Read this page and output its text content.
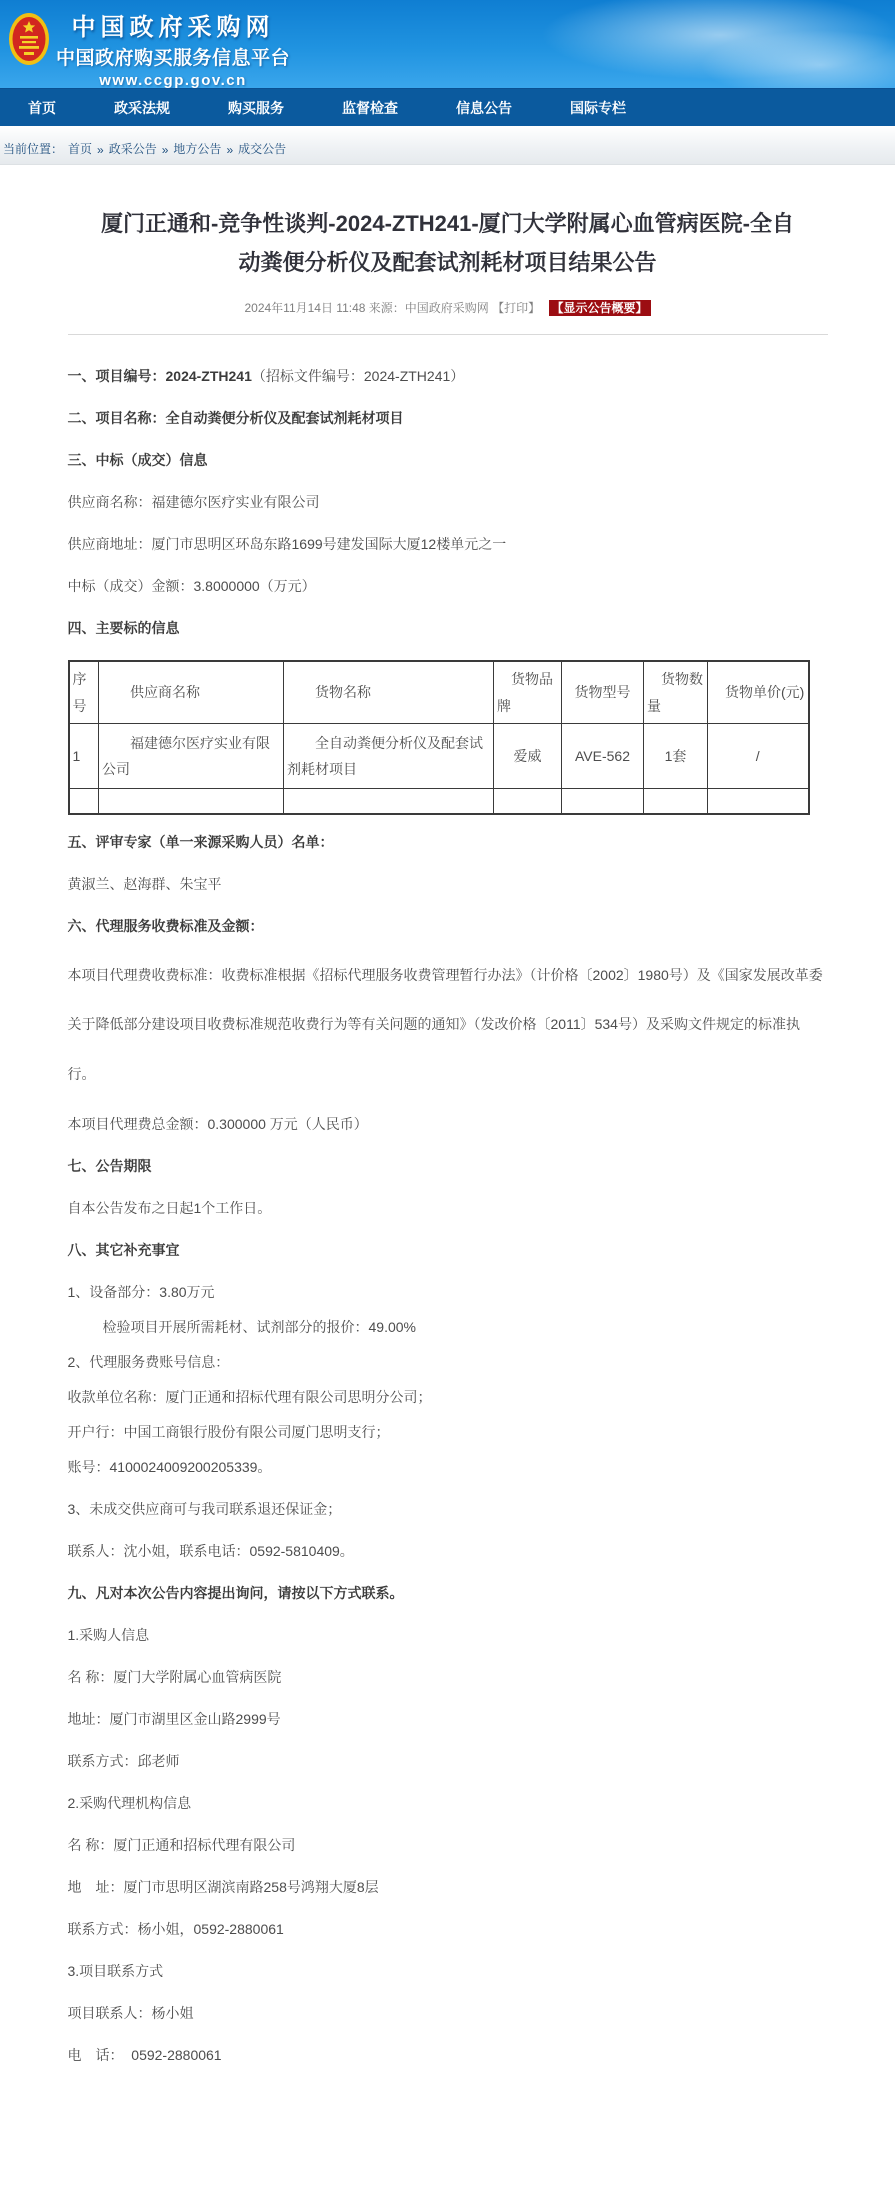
中国政府采购网
中国政府购买服务信息平台
www.ccgp.gov.cn
首页	政采法规	购买服务	监督检查	信息公告	国际专栏
当前位置： 首页 » 政采公告 » 地方公告 » 成交公告
厦门正通和-竞争性谈判-2024-ZTH241-厦门大学附属心血管病医院-全自动粪便分析仪及配套试剂耗材项目结果公告
2024年11月14日 11:48 来源：中国政府采购网 【打印】 【显示公告概要】

一、项目编号：2024-ZTH241（招标文件编号：2024-ZTH241）

二、项目名称：全自动粪便分析仪及配套试剂耗材项目

三、中标（成交）信息

供应商名称：福建德尔医疗实业有限公司

供应商地址：厦门市思明区环岛东路1699号建发国际大厦12楼单元之一

中标（成交）金额：3.8000000（万元）

四、主要标的信息

序号	供应商名称	货物名称	货物品牌	货物型号	货物数量	货物单价(元)
1	福建德尔医疗实业有限公司	全自动粪便分析仪及配套试剂耗材项目	爱威	AVE-562	1套	/

五、评审专家（单一来源采购人员）名单：

黄淑兰、赵海群、朱宝平

六、代理服务收费标准及金额：

本项目代理费收费标准：收费标准根据《招标代理服务收费管理暂行办法》（计价格〔2002〕1980号）及《国家发展改革委关于降低部分建设项目收费标准规范收费行为等有关问题的通知》（发改价格〔2011〕534号）及采购文件规定的标准执行。

本项目代理费总金额：0.300000 万元（人民币）

七、公告期限

自本公告发布之日起1个工作日。

八、其它补充事宜

1、设备部分：3.80万元

检验项目开展所需耗材、试剂部分的报价：49.00%

2、代理服务费账号信息：

收款单位名称：厦门正通和招标代理有限公司思明分公司；

开户行：中国工商银行股份有限公司厦门思明支行；

账号：4100024009200205339。

3、未成交供应商可与我司联系退还保证金；

联系人：沈小姐，联系电话：0592-5810409。

九、凡对本次公告内容提出询问，请按以下方式联系。

1.采购人信息

名 称：厦门大学附属心血管病医院

地址：厦门市湖里区金山路2999号

联系方式：邱老师

2.采购代理机构信息

名 称：厦门正通和招标代理有限公司

地　址：厦门市思明区湖滨南路258号鸿翔大厦8层

联系方式：杨小姐，0592-2880061

3.项目联系方式

项目联系人：杨小姐

电　话：  0592-2880061
